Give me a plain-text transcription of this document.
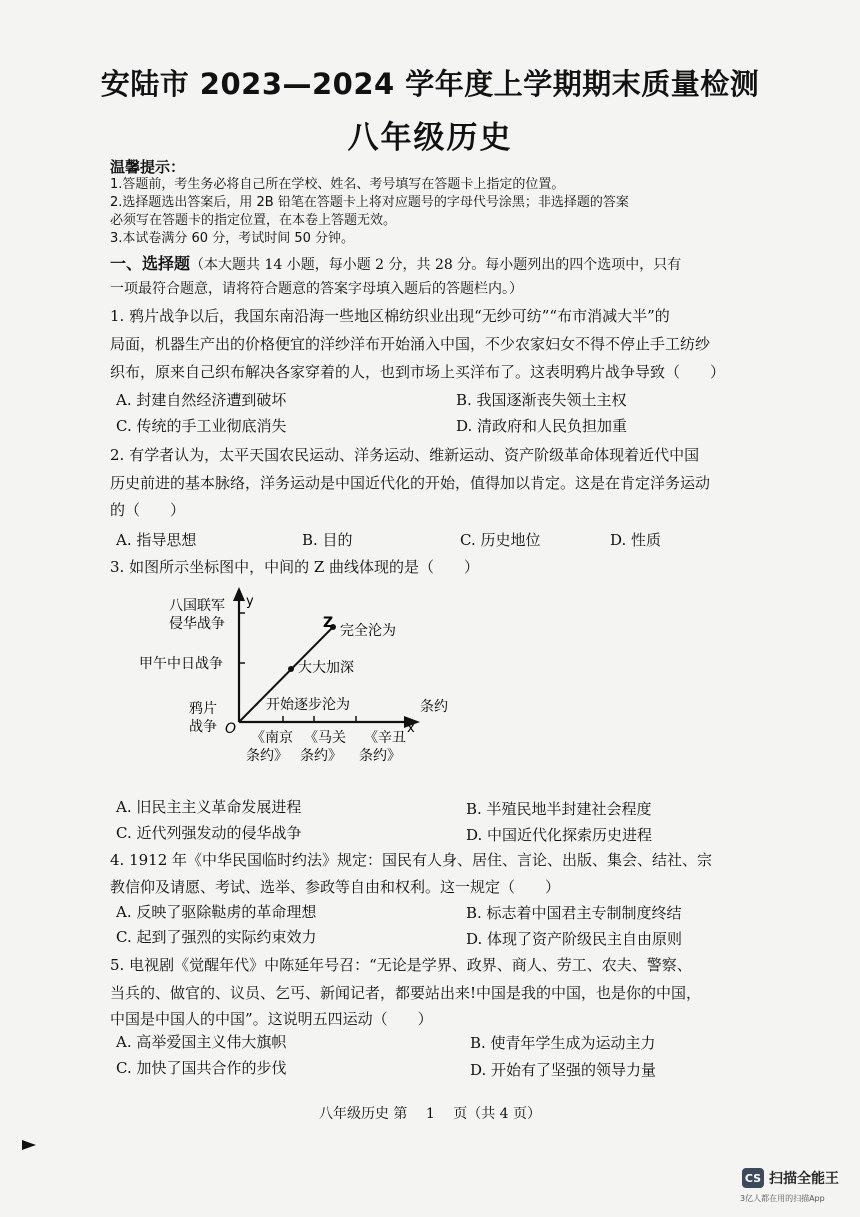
安陆市 2023—2024 学年度上学期期末质量检测
八年级历史
温馨提示：
1.答题前，考生务必将自己所在学校、姓名、考号填写在答题卡上指定的位置。
2.选择题选出答案后，用 2B 铅笔在答题卡上将对应题号的字母代号涂黑；非选择题的答案
必须写在答题卡的指定位置，在本卷上答题无效。
3.本试卷满分 60 分，考试时间 50 分钟。
一、选择题（本大题共 14 小题，每小题 2 分，共 28 分。每小题列出的四个选项中，只有
一项最符合题意，请将符合题意的答案字母填入题后的答题栏内。）
1. 鸦片战争以后，我国东南沿海一些地区棉纺织业出现“无纱可纺”“布市消减大半”的
局面，机器生产出的价格便宜的洋纱洋布开始涌入中国，不少农家妇女不得不停止手工纺纱
织布，原来自己织布解决各家穿着的人，也到市场上买洋布了。这表明鸦片战争导致（　　）
A. 封建自然经济遭到破坏	B. 我国逐渐丧失领土主权
C. 传统的手工业彻底消失	D. 清政府和人民负担加重
2. 有学者认为，太平天国农民运动、洋务运动、维新运动、资产阶级革命体现着近代中国
历史前进的基本脉络，洋务运动是中国近代化的开始，值得加以肯定。这是在肯定洋务运动
的（　　）
A. 指导思想	B. 目的	C. 历史地位	D. 性质
3. 如图所示坐标图中，中间的 Z 曲线体现的是（　　）
y
x
O
八国联军
侵华战争
甲午中日战争
鸦片
战争
Z 完全沦为
大大加深
开始逐步沦为	条约
《南京
条约》
《马关
条约》
《辛丑
条约》
A. 旧民主主义革命发展进程	B. 半殖民地半封建社会程度
C. 近代列强发动的侵华战争	D. 中国近代化探索历史进程
4. 1912 年《中华民国临时约法》规定：国民有人身、居住、言论、出版、集会、结社、宗
教信仰及请愿、考试、选举、参政等自由和权利。这一规定（　　）
A. 反映了驱除鞑虏的革命理想	B. 标志着中国君主专制制度终结
C. 起到了强烈的实际约束效力	D. 体现了资产阶级民主自由原则
5. 电视剧《觉醒年代》中陈延年号召：“无论是学界、政界、商人、劳工、农夫、警察、
当兵的、做官的、议员、乞丐、新闻记者，都要站出来!中国是我的中国，也是你的中国，
中国是中国人的中国”。这说明五四运动（　　）
A. 高举爱国主义伟大旗帜	B. 使青年学生成为运动主力
C. 加快了国共合作的步伐	D. 开始有了坚强的领导力量
八年级历史 第　 1　 页（共 4 页）
CS 扫描全能王
3亿人都在用的扫描App
